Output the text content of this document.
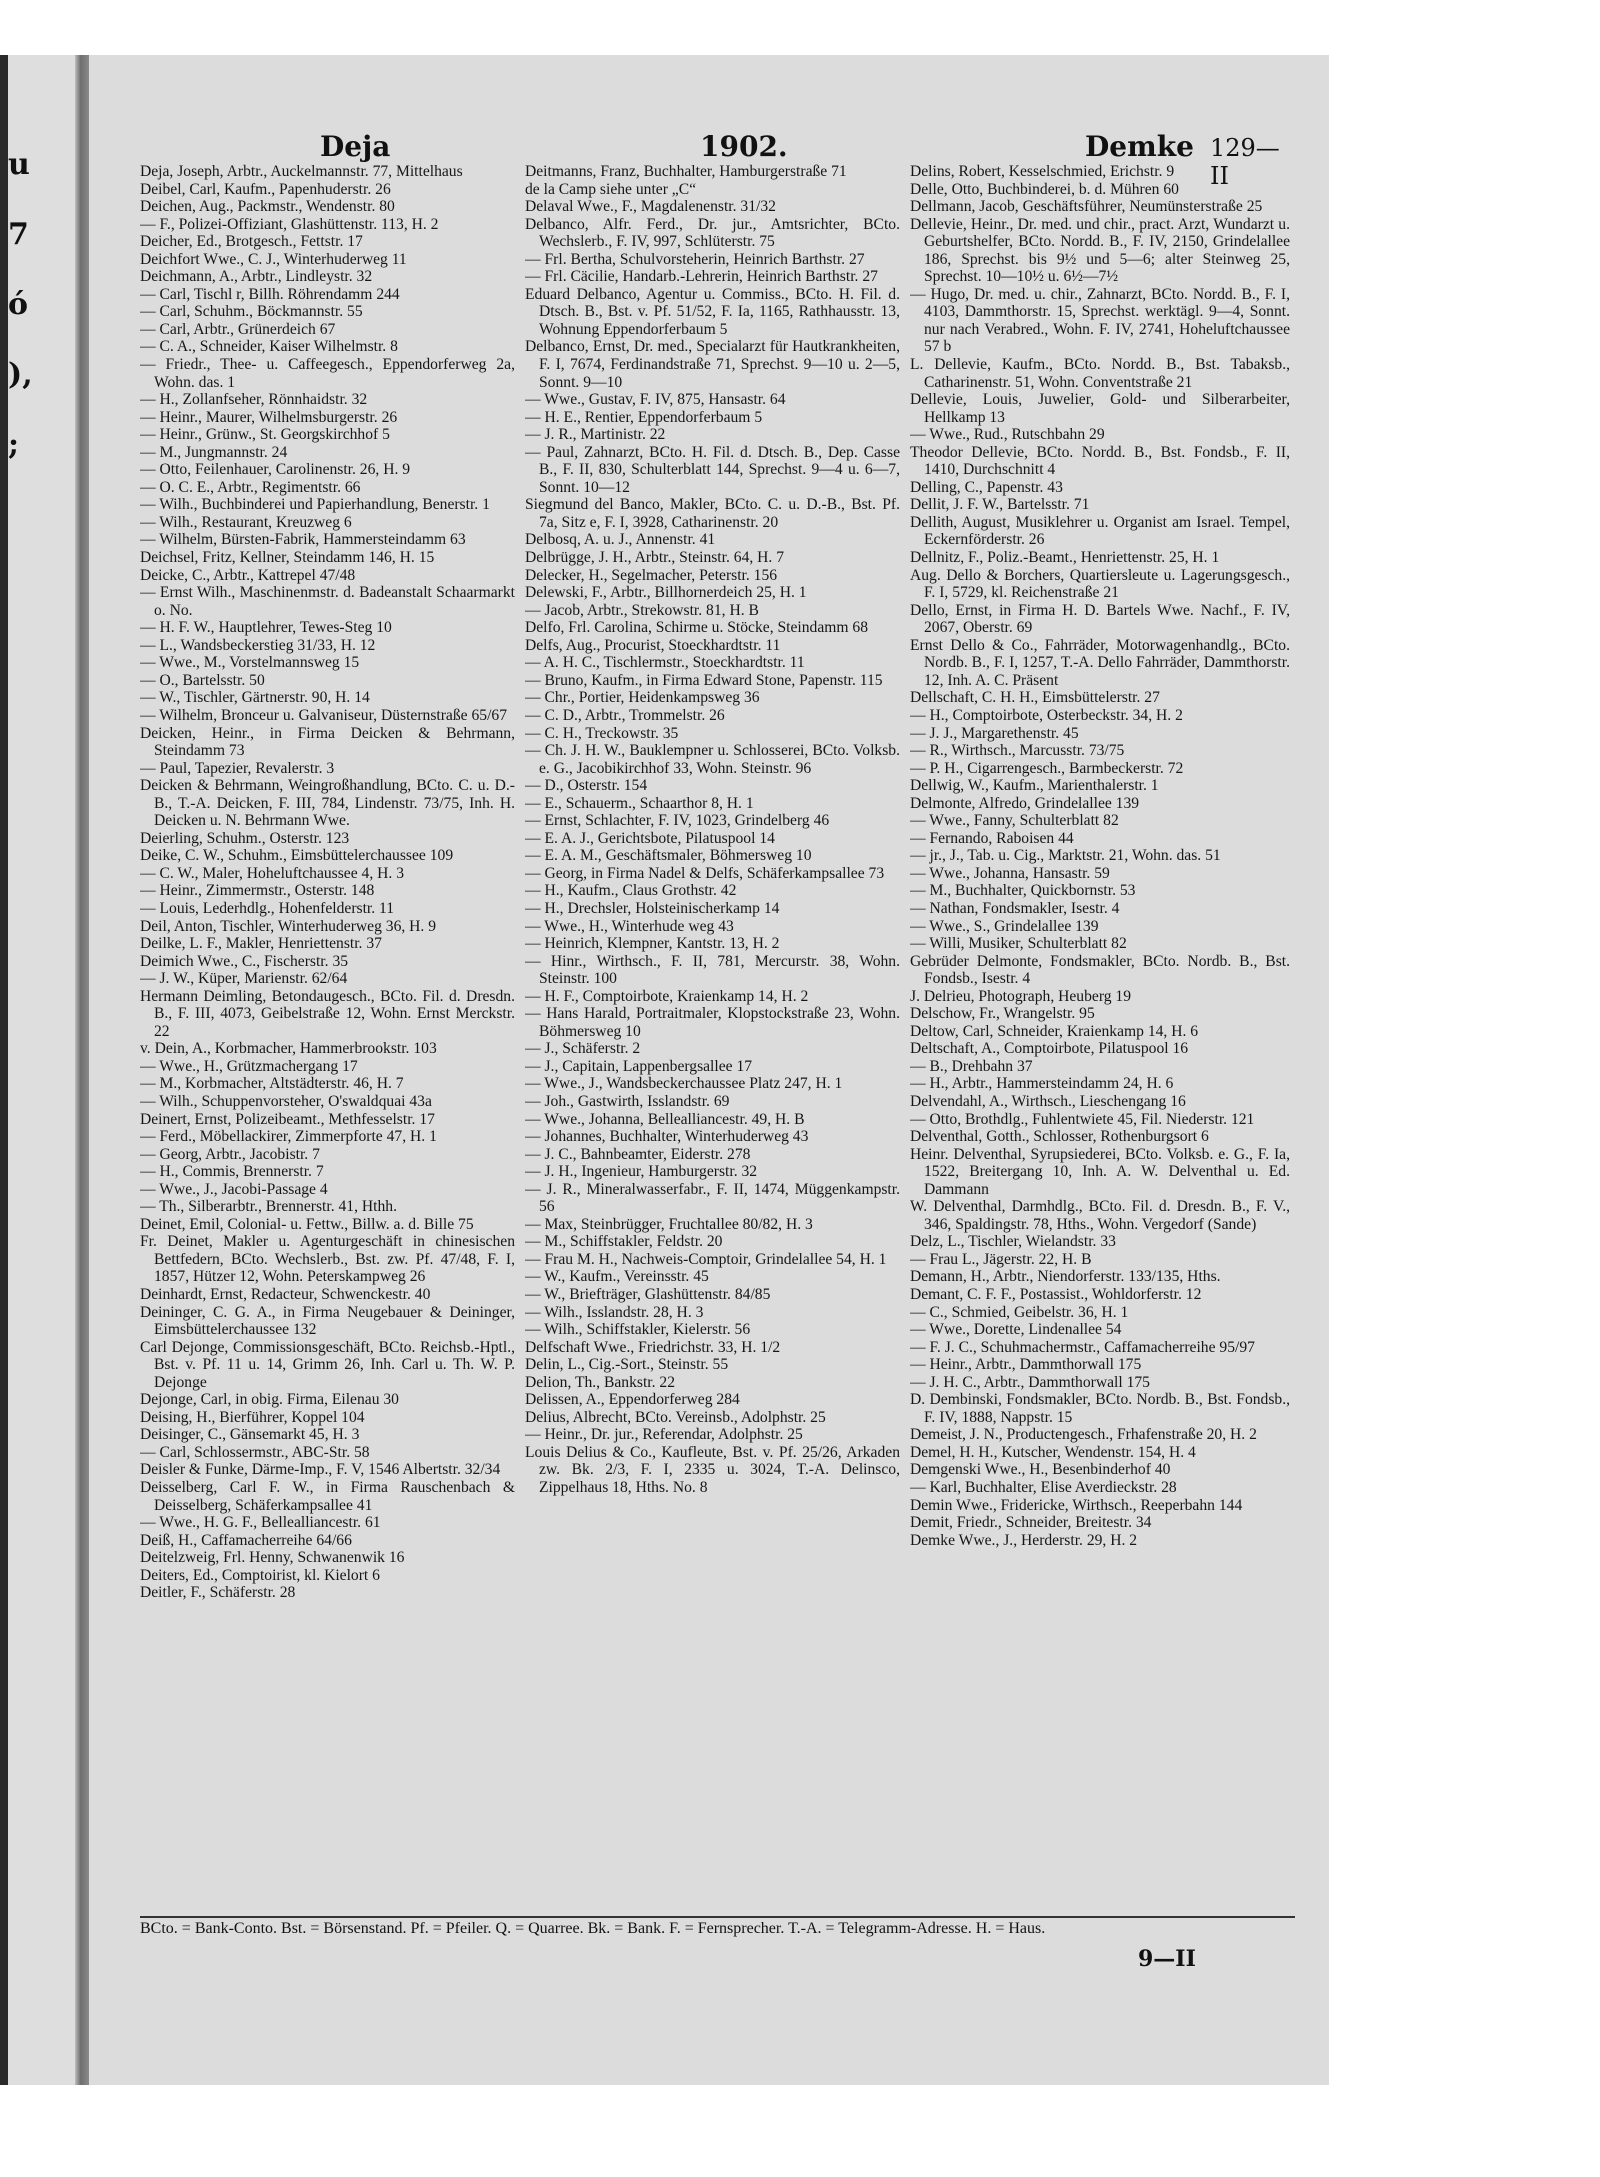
u
7
ó
),
;
Deja	1902.	Demke 129—II

Deja, Joseph, Arbtr., Auckelmannstr. 77, Mittelhaus

Deibel, Carl, Kaufm., Papenhuderstr. 26

Deichen, Aug., Packmstr., Wendenstr. 80

— F., Polizei-Offiziant, Glashüttenstr. 113, H. 2

Deicher, Ed., Brotgesch., Fettstr. 17

Deichfort Wwe., C. J., Winterhuderweg 11

Deichmann, A., Arbtr., Lindleystr. 32

— Carl, Tischl r, Billh. Röhrendamm 244

— Carl, Schuhm., Böckmannstr. 55

— Carl, Arbtr., Grünerdeich 67

— C. A., Schneider, Kaiser Wilhelmstr. 8

— Friedr., Thee- u. Caffeegesch., Eppendorferweg 2a, Wohn. das. 1

— H., Zollanfseher, Rönnhaidstr. 32

— Heinr., Maurer, Wilhelmsburgerstr. 26

— Heinr., Grünw., St. Georgskirchhof 5

— M., Jungmannstr. 24

— Otto, Feilenhauer, Carolinenstr. 26, H. 9

— O. C. E., Arbtr., Regimentstr. 66

— Wilh., Buchbinderei und Papierhandlung, Benerstr. 1

— Wilh., Restaurant, Kreuzweg 6

— Wilhelm, Bürsten-Fabrik, Hammersteindamm 63

Deichsel, Fritz, Kellner, Steindamm 146, H. 15

Deicke, C., Arbtr., Kattrepel 47/48

— Ernst Wilh., Maschinenmstr. d. Badeanstalt Schaarmarkt o. No.

— H. F. W., Hauptlehrer, Tewes-Steg 10

— L., Wandsbeckerstieg 31/33, H. 12

— Wwe., M., Vorstelmannsweg 15

— O., Bartelsstr. 50

— W., Tischler, Gärtnerstr. 90, H. 14

— Wilhelm, Bronceur u. Galvaniseur, Düsternstraße 65/67

Deicken, Heinr., in Firma Deicken & Behrmann, Steindamm 73

— Paul, Tapezier, Revalerstr. 3

Deicken & Behrmann, Weingroßhandlung, BCto. C. u. D.-B., T.-A. Deicken, F. III, 784, Lindenstr. 73/75, Inh. H. Deicken u. N. Behrmann Wwe.

Deierling, Schuhm., Osterstr. 123

Deike, C. W., Schuhm., Eimsbüttelerchaussee 109

— C. W., Maler, Hoheluftchaussee 4, H. 3

— Heinr., Zimmermstr., Osterstr. 148

— Louis, Lederhdlg., Hohenfelderstr. 11

Deil, Anton, Tischler, Winterhuderweg 36, H. 9

Deilke, L. F., Makler, Henriettenstr. 37

Deimich Wwe., C., Fischerstr. 35

— J. W., Küper, Marienstr. 62/64

Hermann Deimling, Betondaugesch., BCto. Fil. d. Dresdn. B., F. III, 4073, Geibelstraße 12, Wohn. Ernst Merckstr. 22

v. Dein, A., Korbmacher, Hammerbrookstr. 103

— Wwe., H., Grützmachergang 17

— M., Korbmacher, Altstädterstr. 46, H. 7

— Wilh., Schuppenvorsteher, O'swaldquai 43a

Deinert, Ernst, Polizeibeamt., Methfesselstr. 17

— Ferd., Möbellackirer, Zimmerpforte 47, H. 1

— Georg, Arbtr., Jacobistr. 7

— H., Commis, Brennerstr. 7

— Wwe., J., Jacobi-Passage 4

— Th., Silberarbtr., Brennerstr. 41, Hthh.

Deinet, Emil, Colonial- u. Fettw., Billw. a. d. Bille 75

Fr. Deinet, Makler u. Agenturgeschäft in chinesischen Bettfedern, BCto. Wechslerb., Bst. zw. Pf. 47/48, F. I, 1857, Hützer 12, Wohn. Peterskampweg 26

Deinhardt, Ernst, Redacteur, Schwenckestr. 40

Deininger, C. G. A., in Firma Neugebauer & Deininger, Eimsbüttelerchaussee 132

Carl Dejonge, Commissionsgeschäft, BCto. Reichsb.-Hptl., Bst. v. Pf. 11 u. 14, Grimm 26, Inh. Carl u. Th. W. P. Dejonge

Dejonge, Carl, in obig. Firma, Eilenau 30

Deising, H., Bierführer, Koppel 104

Deisinger, C., Gänsemarkt 45, H. 3

— Carl, Schlossermstr., ABC-Str. 58

Deisler & Funke, Därme-Imp., F. V, 1546 Albertstr. 32/34

Deisselberg, Carl F. W., in Firma Rauschenbach & Deisselberg, Schäferkampsallee 41

— Wwe., H. G. F., Bellealliancestr. 61

Deiß, H., Caffamacherreihe 64/66

Deitelzweig, Frl. Henny, Schwanenwik 16

Deiters, Ed., Comptoirist, kl. Kielort 6

Deitler, F., Schäferstr. 28

Deitmanns, Franz, Buchhalter, Hamburgerstraße 71

de la Camp siehe unter „C“

Delaval Wwe., F., Magdalenenstr. 31/32

Delbanco, Alfr. Ferd., Dr. jur., Amtsrichter, BCto. Wechslerb., F. IV, 997, Schlüterstr. 75

— Frl. Bertha, Schulvorsteherin, Heinrich Barthstr. 27

— Frl. Cäcilie, Handarb.-Lehrerin, Heinrich Barthstr. 27

Eduard Delbanco, Agentur u. Commiss., BCto. H. Fil. d. Dtsch. B., Bst. v. Pf. 51/52, F. Ia, 1165, Rathhausstr. 13, Wohnung Eppendorferbaum 5

Delbanco, Ernst, Dr. med., Specialarzt für Hautkrankheiten, F. I, 7674, Ferdinandstraße 71, Sprechst. 9—10 u. 2—5, Sonnt. 9—10

— Wwe., Gustav, F. IV, 875, Hansastr. 64

— H. E., Rentier, Eppendorferbaum 5

— J. R., Martinistr. 22

— Paul, Zahnarzt, BCto. H. Fil. d. Dtsch. B., Dep. Casse B., F. II, 830, Schulterblatt 144, Sprechst. 9—4 u. 6—7, Sonnt. 10—12

Siegmund del Banco, Makler, BCto. C. u. D.-B., Bst. Pf. 7a, Sitz e, F. I, 3928, Catharinenstr. 20

Delbosq, A. u. J., Annenstr. 41

Delbrügge, J. H., Arbtr., Steinstr. 64, H. 7

Delecker, H., Segelmacher, Peterstr. 156

Delewski, F., Arbtr., Billhornerdeich 25, H. 1

— Jacob, Arbtr., Strekowstr. 81, H. B

Delfo, Frl. Carolina, Schirme u. Stöcke, Steindamm 68

Delfs, Aug., Procurist, Stoeckhardtstr. 11

— A. H. C., Tischlermstr., Stoeckhardtstr. 11

— Bruno, Kaufm., in Firma Edward Stone, Papenstr. 115

— Chr., Portier, Heidenkampsweg 36

— C. D., Arbtr., Trommelstr. 26

— C. H., Treckowstr. 35

— Ch. J. H. W., Bauklempner u. Schlosserei, BCto. Volksb. e. G., Jacobikirchhof 33, Wohn. Steinstr. 96

— D., Osterstr. 154

— E., Schauerm., Schaarthor 8, H. 1

— Ernst, Schlachter, F. IV, 1023, Grindelberg 46

— E. A. J., Gerichtsbote, Pilatuspool 14

— E. A. M., Geschäftsmaler, Böhmersweg 10

— Georg, in Firma Nadel & Delfs, Schäferkampsallee 73

— H., Kaufm., Claus Grothstr. 42

— H., Drechsler, Holsteinischerkamp 14

— Wwe., H., Winterhude weg 43

— Heinrich, Klempner, Kantstr. 13, H. 2

— Hinr., Wirthsch., F. II, 781, Mercurstr. 38, Wohn. Steinstr. 100

— H. F., Comptoirbote, Kraienkamp 14, H. 2

— Hans Harald, Portraitmaler, Klopstockstraße 23, Wohn. Böhmersweg 10

— J., Schäferstr. 2

— J., Capitain, Lappenbergsallee 17

— Wwe., J., Wandsbeckerchaussee Platz 247, H. 1

— Joh., Gastwirth, Isslandstr. 69

— Wwe., Johanna, Bellealliancestr. 49, H. B

— Johannes, Buchhalter, Winterhuderweg 43

— J. C., Bahnbeamter, Eiderstr. 278

— J. H., Ingenieur, Hamburgerstr. 32

— J. R., Mineralwasserfabr., F. II, 1474, Müggenkampstr. 56

— Max, Steinbrügger, Fruchtallee 80/82, H. 3

— M., Schiffstakler, Feldstr. 20

— Frau M. H., Nachweis-Comptoir, Grindelallee 54, H. 1

— W., Kaufm., Vereinsstr. 45

— W., Briefträger, Glashüttenstr. 84/85

— Wilh., Isslandstr. 28, H. 3

— Wilh., Schiffstakler, Kielerstr. 56

Delfschaft Wwe., Friedrichstr. 33, H. 1/2

Delin, L., Cig.-Sort., Steinstr. 55

Delion, Th., Bankstr. 22

Delissen, A., Eppendorferweg 284

Delius, Albrecht, BCto. Vereinsb., Adolphstr. 25

— Heinr., Dr. jur., Referendar, Adolphstr. 25

Louis Delius & Co., Kaufleute, Bst. v. Pf. 25/26, Arkaden zw. Bk. 2/3, F. I, 2335 u. 3024, T.-A. Delinsco, Zippelhaus 18, Hths. No. 8

Delins, Robert, Kesselschmied, Erichstr. 9

Delle, Otto, Buchbinderei, b. d. Mühren 60

Dellmann, Jacob, Geschäftsführer, Neumünsterstraße 25

Dellevie, Heinr., Dr. med. und chir., pract. Arzt, Wundarzt u. Geburtshelfer, BCto. Nordd. B., F. IV, 2150, Grindelallee 186, Sprechst. bis 9½ und 5—6; alter Steinweg 25, Sprechst. 10—10½ u. 6½—7½

— Hugo, Dr. med. u. chir., Zahnarzt, BCto. Nordd. B., F. I, 4103, Dammthorstr. 15, Sprechst. werktägl. 9—4, Sonnt. nur nach Verabred., Wohn. F. IV, 2741, Hoheluftchaussee 57 b

L. Dellevie, Kaufm., BCto. Nordd. B., Bst. Tabaksb., Catharinenstr. 51, Wohn. Conventstraße 21

Dellevie, Louis, Juwelier, Gold- und Silberarbeiter, Hellkamp 13

— Wwe., Rud., Rutschbahn 29

Theodor Dellevie, BCto. Nordd. B., Bst. Fondsb., F. II, 1410, Durchschnitt 4

Delling, C., Papenstr. 43

Dellit, J. F. W., Bartelsstr. 71

Dellith, August, Musiklehrer u. Organist am Israel. Tempel, Eckernförderstr. 26

Dellnitz, F., Poliz.-Beamt., Henriettenstr. 25, H. 1

Aug. Dello & Borchers, Quartiersleute u. Lagerungsgesch., F. I, 5729, kl. Reichenstraße 21

Dello, Ernst, in Firma H. D. Bartels Wwe. Nachf., F. IV, 2067, Oberstr. 69

Ernst Dello & Co., Fahrräder, Motorwagenhandlg., BCto. Nordb. B., F. I, 1257, T.-A. Dello Fahrräder, Dammthorstr. 12, Inh. A. C. Präsent

Dellschaft, C. H. H., Eimsbüttelerstr. 27

— H., Comptoirbote, Osterbeckstr. 34, H. 2

— J. J., Margarethenstr. 45

— R., Wirthsch., Marcusstr. 73/75

— P. H., Cigarrengesch., Barmbeckerstr. 72

Dellwig, W., Kaufm., Marienthalerstr. 1

Delmonte, Alfredo, Grindelallee 139

— Wwe., Fanny, Schulterblatt 82

— Fernando, Raboisen 44

— jr., J., Tab. u. Cig., Marktstr. 21, Wohn. das. 51

— Wwe., Johanna, Hansastr. 59

— M., Buchhalter, Quickbornstr. 53

— Nathan, Fondsmakler, Isestr. 4

— Wwe., S., Grindelallee 139

— Willi, Musiker, Schulterblatt 82

Gebrüder Delmonte, Fondsmakler, BCto. Nordb. B., Bst. Fondsb., Isestr. 4

J. Delrieu, Photograph, Heuberg 19

Delschow, Fr., Wrangelstr. 95

Deltow, Carl, Schneider, Kraienkamp 14, H. 6

Deltschaft, A., Comptoirbote, Pilatuspool 16

— B., Drehbahn 37

— H., Arbtr., Hammersteindamm 24, H. 6

Delvendahl, A., Wirthsch., Lieschengang 16

— Otto, Brothdlg., Fuhlentwiete 45, Fil. Niederstr. 121

Delventhal, Gotth., Schlosser, Rothenburgsort 6

Heinr. Delventhal, Syrupsiederei, BCto. Volksb. e. G., F. Ia, 1522, Breitergang 10, Inh. A. W. Delventhal u. Ed. Dammann

W. Delventhal, Darmhdlg., BCto. Fil. d. Dresdn. B., F. V., 346, Spaldingstr. 78, Hths., Wohn. Vergedorf (Sande)

Delz, L., Tischler, Wielandstr. 33

— Frau L., Jägerstr. 22, H. B

Demann, H., Arbtr., Niendorferstr. 133/135, Hths.

Demant, C. F. F., Postassist., Wohldorferstr. 12

— C., Schmied, Geibelstr. 36, H. 1

— Wwe., Dorette, Lindenallee 54

— F. J. C., Schuhmachermstr., Caffamacherreihe 95/97

— Heinr., Arbtr., Dammthorwall 175

— J. H. C., Arbtr., Dammthorwall 175

D. Dembinski, Fondsmakler, BCto. Nordb. B., Bst. Fondsb., F. IV, 1888, Nappstr. 15

Demeist, J. N., Productengesch., Frhafenstraße 20, H. 2

Demel, H. H., Kutscher, Wendenstr. 154, H. 4

Demgenski Wwe., H., Besenbinderhof 40

— Karl, Buchhalter, Elise Averdieckstr. 28

Demin Wwe., Fridericke, Wirthsch., Reeperbahn 144

Demit, Friedr., Schneider, Breitestr. 34

Demke Wwe., J., Herderstr. 29, H. 2

BCto. = Bank-Conto. Bst. = Börsenstand. Pf. = Pfeiler. Q. = Quarree. Bk. = Bank. F. = Fernsprecher. T.-A. = Telegramm-Adresse. H. = Haus.
9—II
